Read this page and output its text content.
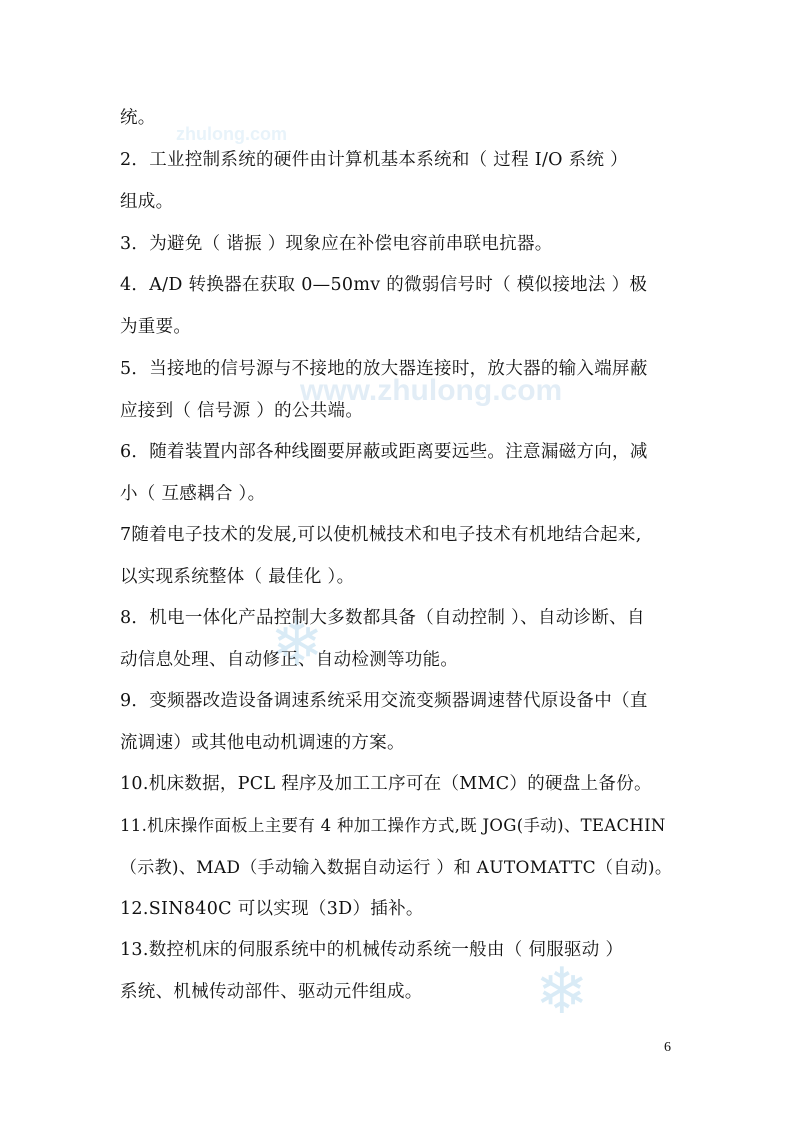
zhulong.com
www.zhulong.com
❄
❄

统。

2．工业控制系统的硬件由计算机基本系统和（ 过程 I/O 系统 ）
组成。

3．为避免（ 谐振 ）现象应在补偿电容前串联电抗器。

4．A/D 转换器在获取 0—50mv 的微弱信号时（ 模似接地法 ）极
为重要。

5．当接地的信号源与不接地的放大器连接时，放大器的输入端屏蔽
应接到（ 信号源 ）的公共端。

6．随着装置内部各种线圈要屏蔽或距离要远些。注意漏磁方向，减
小（ 互感耦合 ）。

7随着电子技术的发展,可以使机械技术和电子技术有机地结合起来,
以实现系统整体（ 最佳化 ）。

8．机电一体化产品控制大多数都具备（自动控制 ）、自动诊断、自
动信息处理、自动修正、自动检测等功能。

9．变频器改造设备调速系统采用交流变频器调速替代原设备中（直
流调速）或其他电动机调速的方案。

10.机床数据，PCL 程序及加工工序可在（MMC）的硬盘上备份。

11.机床操作面板上主要有 4 种加工操作方式,既 JOG(手动)、TEACHIN
（示教)、MAD（手动输入数据自动运行 ）和 AUTOMATTC（自动)。

12.SIN840C 可以实现（3D）插补。

13.数控机床的伺服系统中的机械传动系统一般由（ 伺服驱动 ）
系统、机械传动部件、驱动元件组成。

6
